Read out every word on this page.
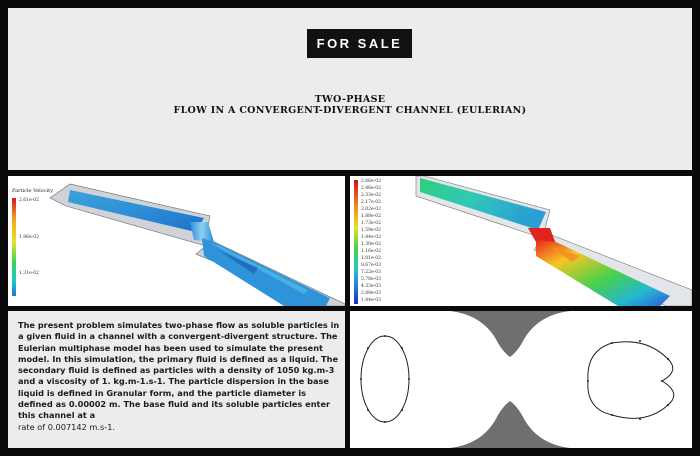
FOR SALE
TWO-PHASE
FLOW IN A CONVERGENT-DIVERGENT CHANNEL (EULERIAN)
Particle Velocity
2.61e-02
1.96e-02
1.31e-02
2.66e-02
2.46e-02
2.33e-02
2.17e-02
2.02e-02
1.88e-02
1.73e-02
1.59e-02
1.44e-02
1.30e-02
1.16e-02
1.01e-02
8.67e-03
7.22e-03
5.78e-03
4.33e-03
2.89e-03
1.44e-03
The present problem simulates two-phase flow as soluble particles in a given fluid in a channel with a convergent-divergent structure. The Eulerian multiphase model has been used to simulate the present model. In this simulation, the primary fluid is defined as a liquid. The secondary fluid is defined as particles with a density of 1050 kg.m-3 and a viscosity of 1. kg.m-1.s-1. The particle dispersion in the base liquid is defined in Granular form, and the particle diameter is defined as 0.00002 m. The base fluid and its soluble particles enter this channel at a
rate of 0.007142 m.s-1.
